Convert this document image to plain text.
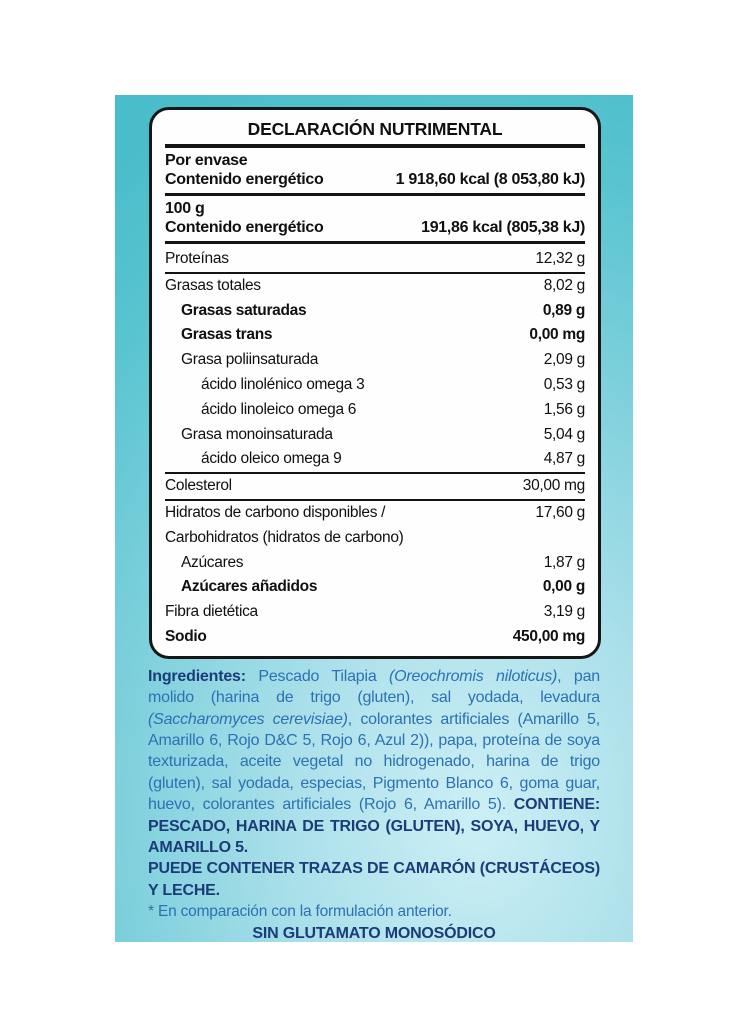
DECLARACIÓN NUTRIMENTAL
Por envase
Contenido energético	1 918,60 kcal (8 053,80 kJ)
100 g
Contenido energético	191,86 kcal (805,38 kJ)
Proteínas	12,32 g
Grasas totales	8,02 g
Grasas saturadas	0,89 g
Grasas trans	0,00 mg
Grasa poliinsaturada	2,09 g
ácido linolénico omega 3	0,53 g
ácido linoleico omega 6	1,56 g
Grasa monoinsaturada	5,04 g
ácido oleico omega 9	4,87 g
Colesterol	30,00 mg
Hidratos de carbono disponibles /	17,60 g
Carbohidratos (hidratos de carbono)
Azúcares	1,87 g
Azúcares añadidos	0,00 g
Fibra dietética	3,19 g
Sodio	450,00 mg

Ingredientes: Pescado Tilapia (Oreochromis niloticus), pan molido (harina de trigo (gluten), sal yodada, levadura (Saccharomyces cerevisiae), colorantes artificiales (Amarillo 5, Amarillo 6, Rojo D&C 5, Rojo 6, Azul 2)), papa, proteína de soya texturizada, aceite vegetal no hidrogenado, harina de trigo (gluten), sal yodada, especias, Pigmento Blanco 6, goma guar, huevo, colorantes artificiales (Rojo 6, Amarillo 5). CONTIENE: PESCADO, HARINA DE TRIGO (GLUTEN), SOYA, HUEVO, Y AMARILLO 5.

PUEDE CONTENER TRAZAS DE CAMARÓN (CRUSTÁCEOS) Y LECHE.

* En comparación con la formulación anterior.

SIN GLUTAMATO MONOSÓDICO
